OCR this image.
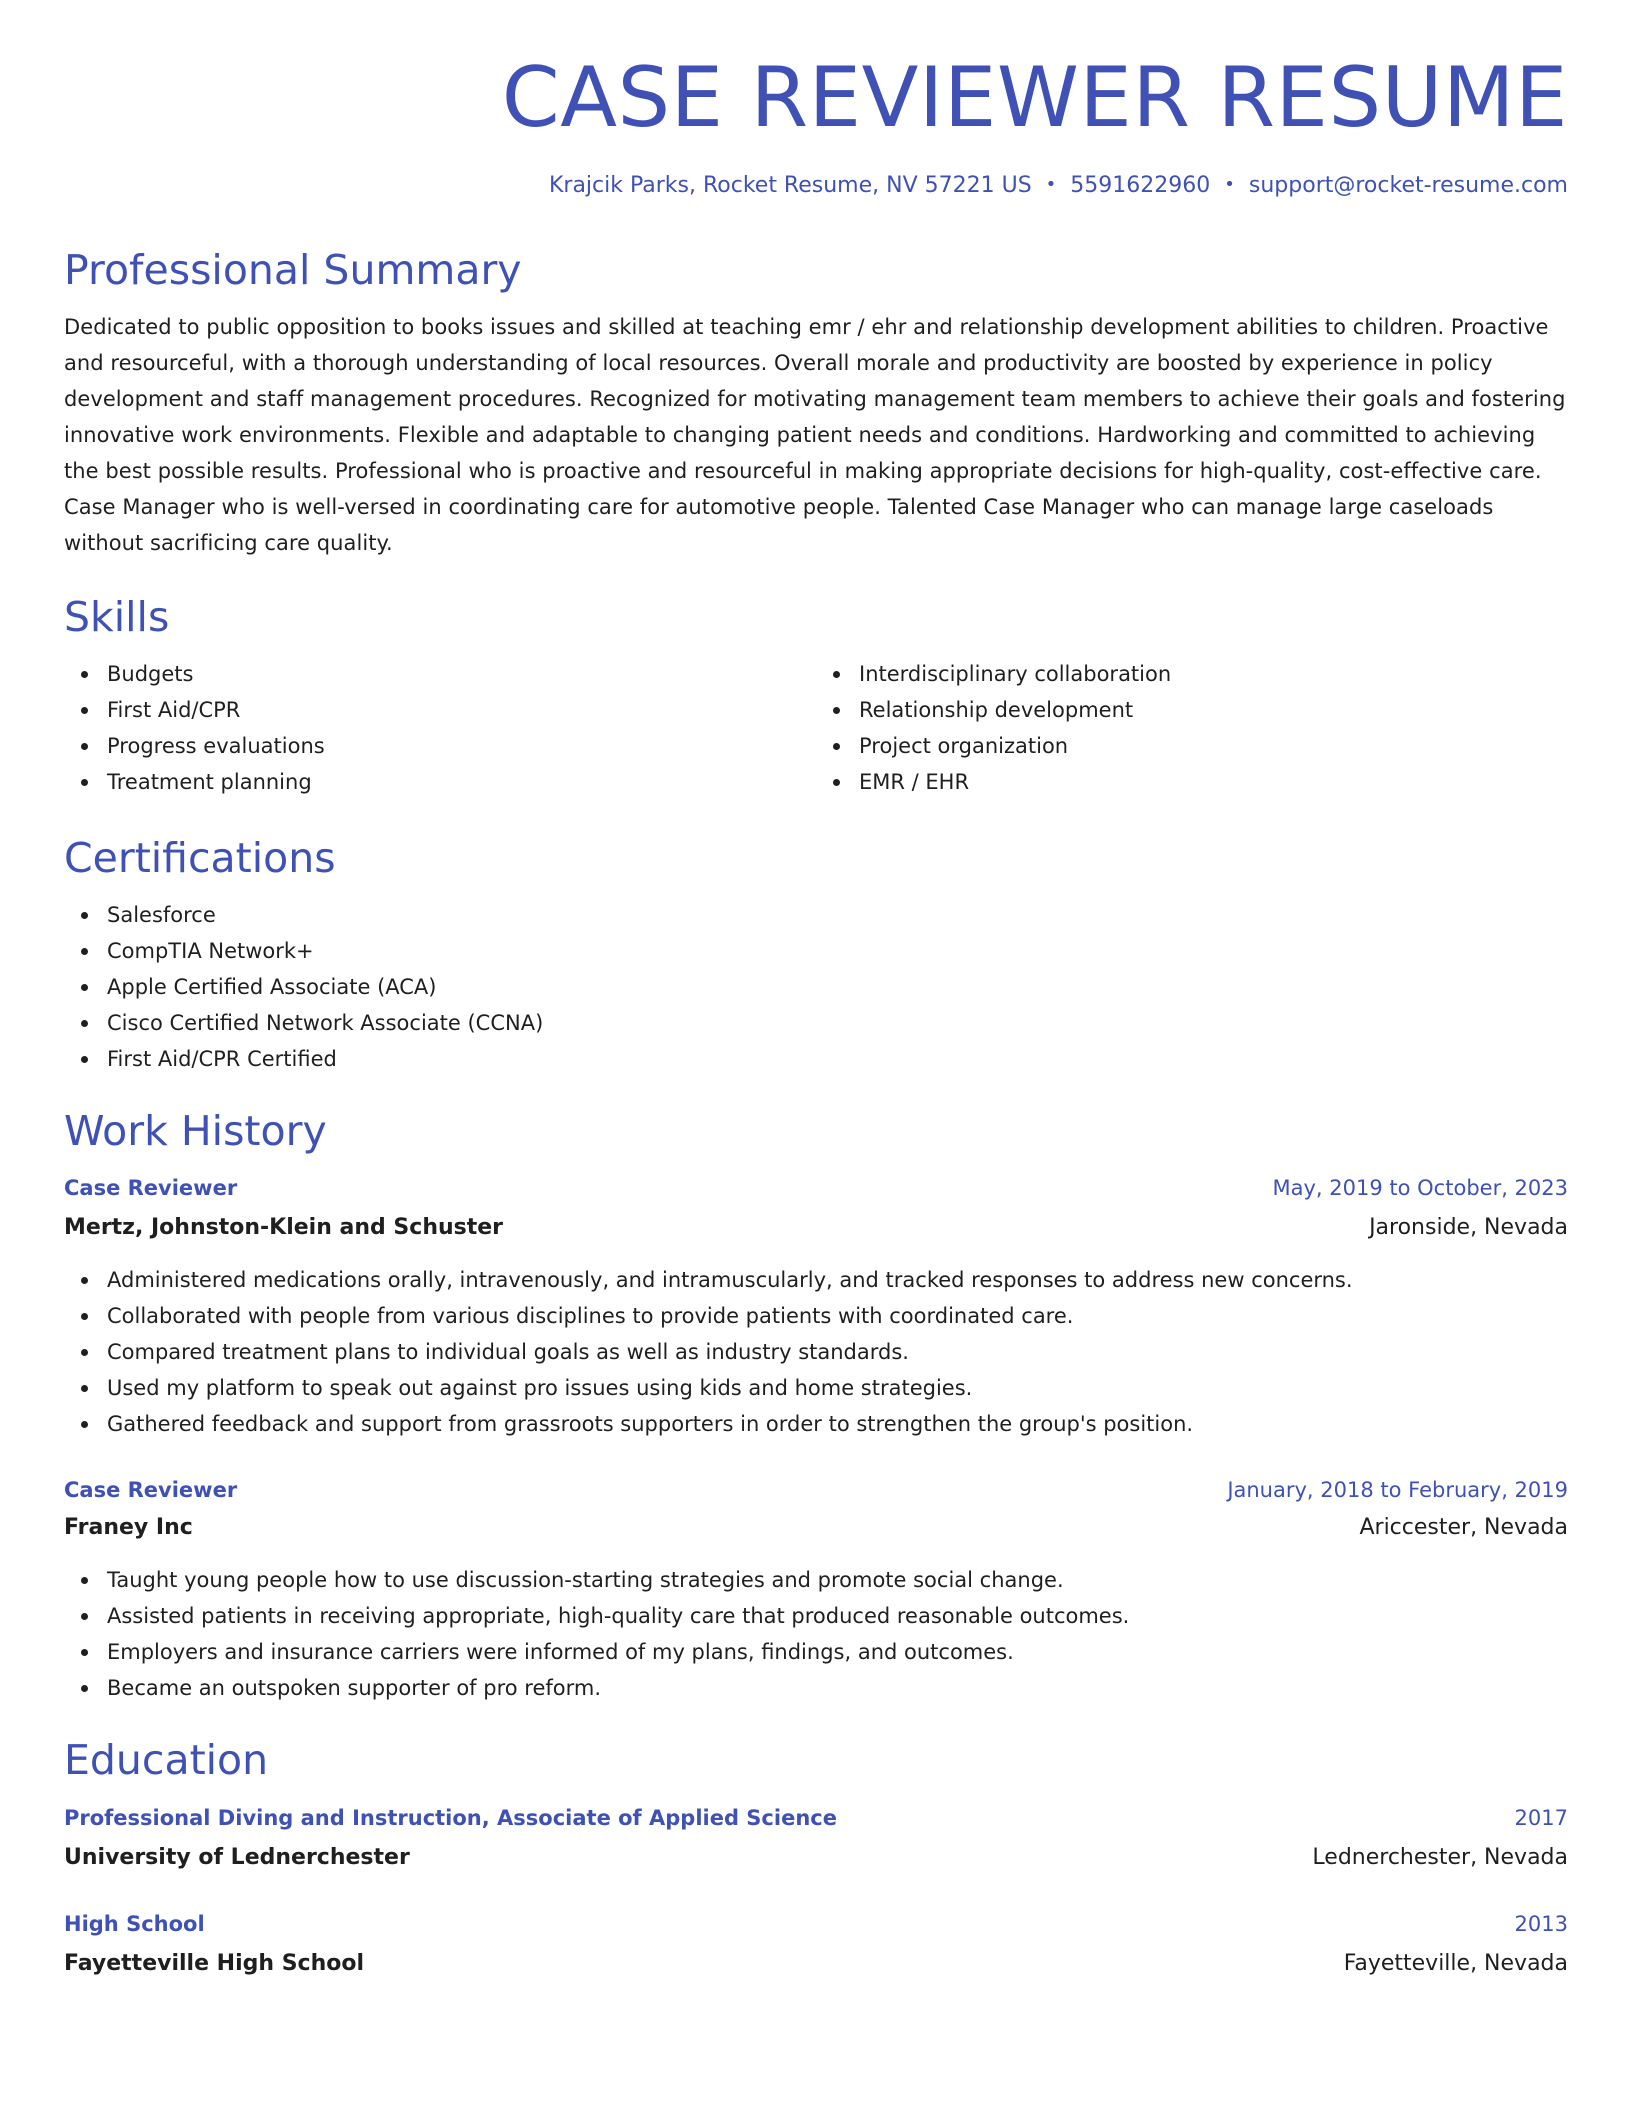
CASE REVIEWER RESUME
Krajcik Parks, Rocket Resume, NV 57221 US • 5591622960 • support@rocket-resume.com
Professional Summary

Dedicated to public opposition to books issues and skilled at teaching emr / ehr and relationship development abilities to children. Proactive and resourceful, with a thorough understanding of local resources. Overall morale and productivity are boosted by experience in policy development and staff management procedures. Recognized for motivating management team members to achieve their goals and fostering innovative work environments. Flexible and adaptable to changing patient needs and conditions. Hardworking and committed to achieving the best possible results. Professional who is proactive and resourceful in making appropriate decisions for high-quality, cost-effective care. Case Manager who is well-versed in coordinating care for automotive people. Talented Case Manager who can manage large caseloads without sacrificing care quality.

Skills
Budgets
First Aid/CPR
Progress evaluations
Treatment planning
Interdisciplinary collaboration
Relationship development
Project organization
EMR / EHR
Certifications
Salesforce
CompTIA Network+
Apple Certified Associate (ACA)
Cisco Certified Network Associate (CCNA)
First Aid/CPR Certified
Work History
Case Reviewer	May, 2019 to October, 2023
Mertz, Johnston-Klein and Schuster	Jaronside, Nevada
Administered medications orally, intravenously, and intramuscularly, and tracked responses to address new concerns.
Collaborated with people from various disciplines to provide patients with coordinated care.
Compared treatment plans to individual goals as well as industry standards.
Used my platform to speak out against pro issues using kids and home strategies.
Gathered feedback and support from grassroots supporters in order to strengthen the group's position.
Case Reviewer	January, 2018 to February, 2019
Franey Inc	Ariccester, Nevada
Taught young people how to use discussion-starting strategies and promote social change.
Assisted patients in receiving appropriate, high-quality care that produced reasonable outcomes.
Employers and insurance carriers were informed of my plans, findings, and outcomes.
Became an outspoken supporter of pro reform.
Education
Professional Diving and Instruction, Associate of Applied Science	2017
University of Lednerchester	Lednerchester, Nevada
High School	2013
Fayetteville High School	Fayetteville, Nevada
